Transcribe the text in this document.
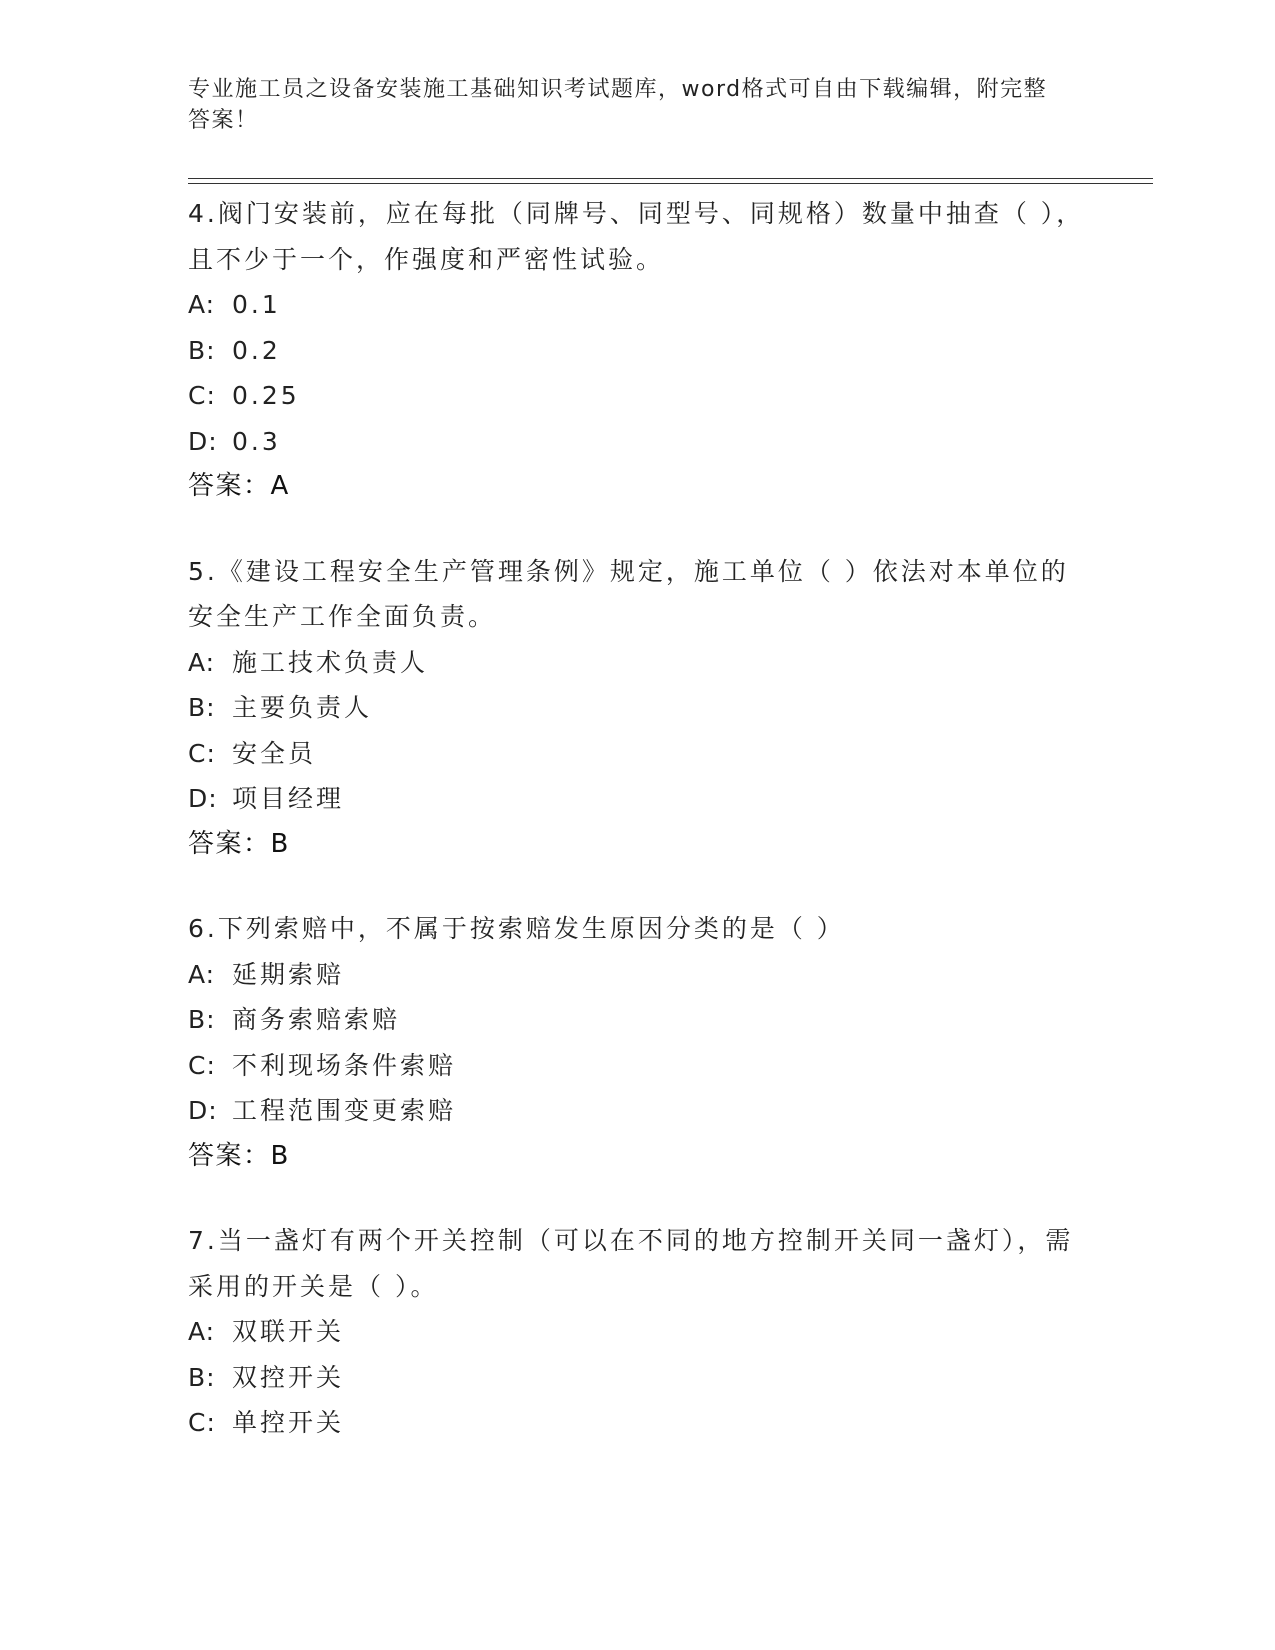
专业施工员之设备安装施工基础知识考试题库，word格式可自由下载编辑，附完整答案！
4.阀门安装前，应在每批（同牌号、同型号、同规格）数量中抽查（ ），且不少于一个，作强度和严密性试验。
A: 0.1
B: 0.2
C: 0.25
D: 0.3
答案：A
5.《建设工程安全生产管理条例》规定，施工单位（ ）依法对本单位的安全生产工作全面负责。
A: 施工技术负责人
B: 主要负责人
C: 安全员
D: 项目经理
答案：B
6.下列索赔中，不属于按索赔发生原因分类的是（ ）
A: 延期索赔
B: 商务索赔索赔
C: 不利现场条件索赔
D: 工程范围变更索赔
答案：B
7.当一盏灯有两个开关控制（可以在不同的地方控制开关同一盏灯），需采用的开关是（ ）。
A: 双联开关
B: 双控开关
C: 单控开关
